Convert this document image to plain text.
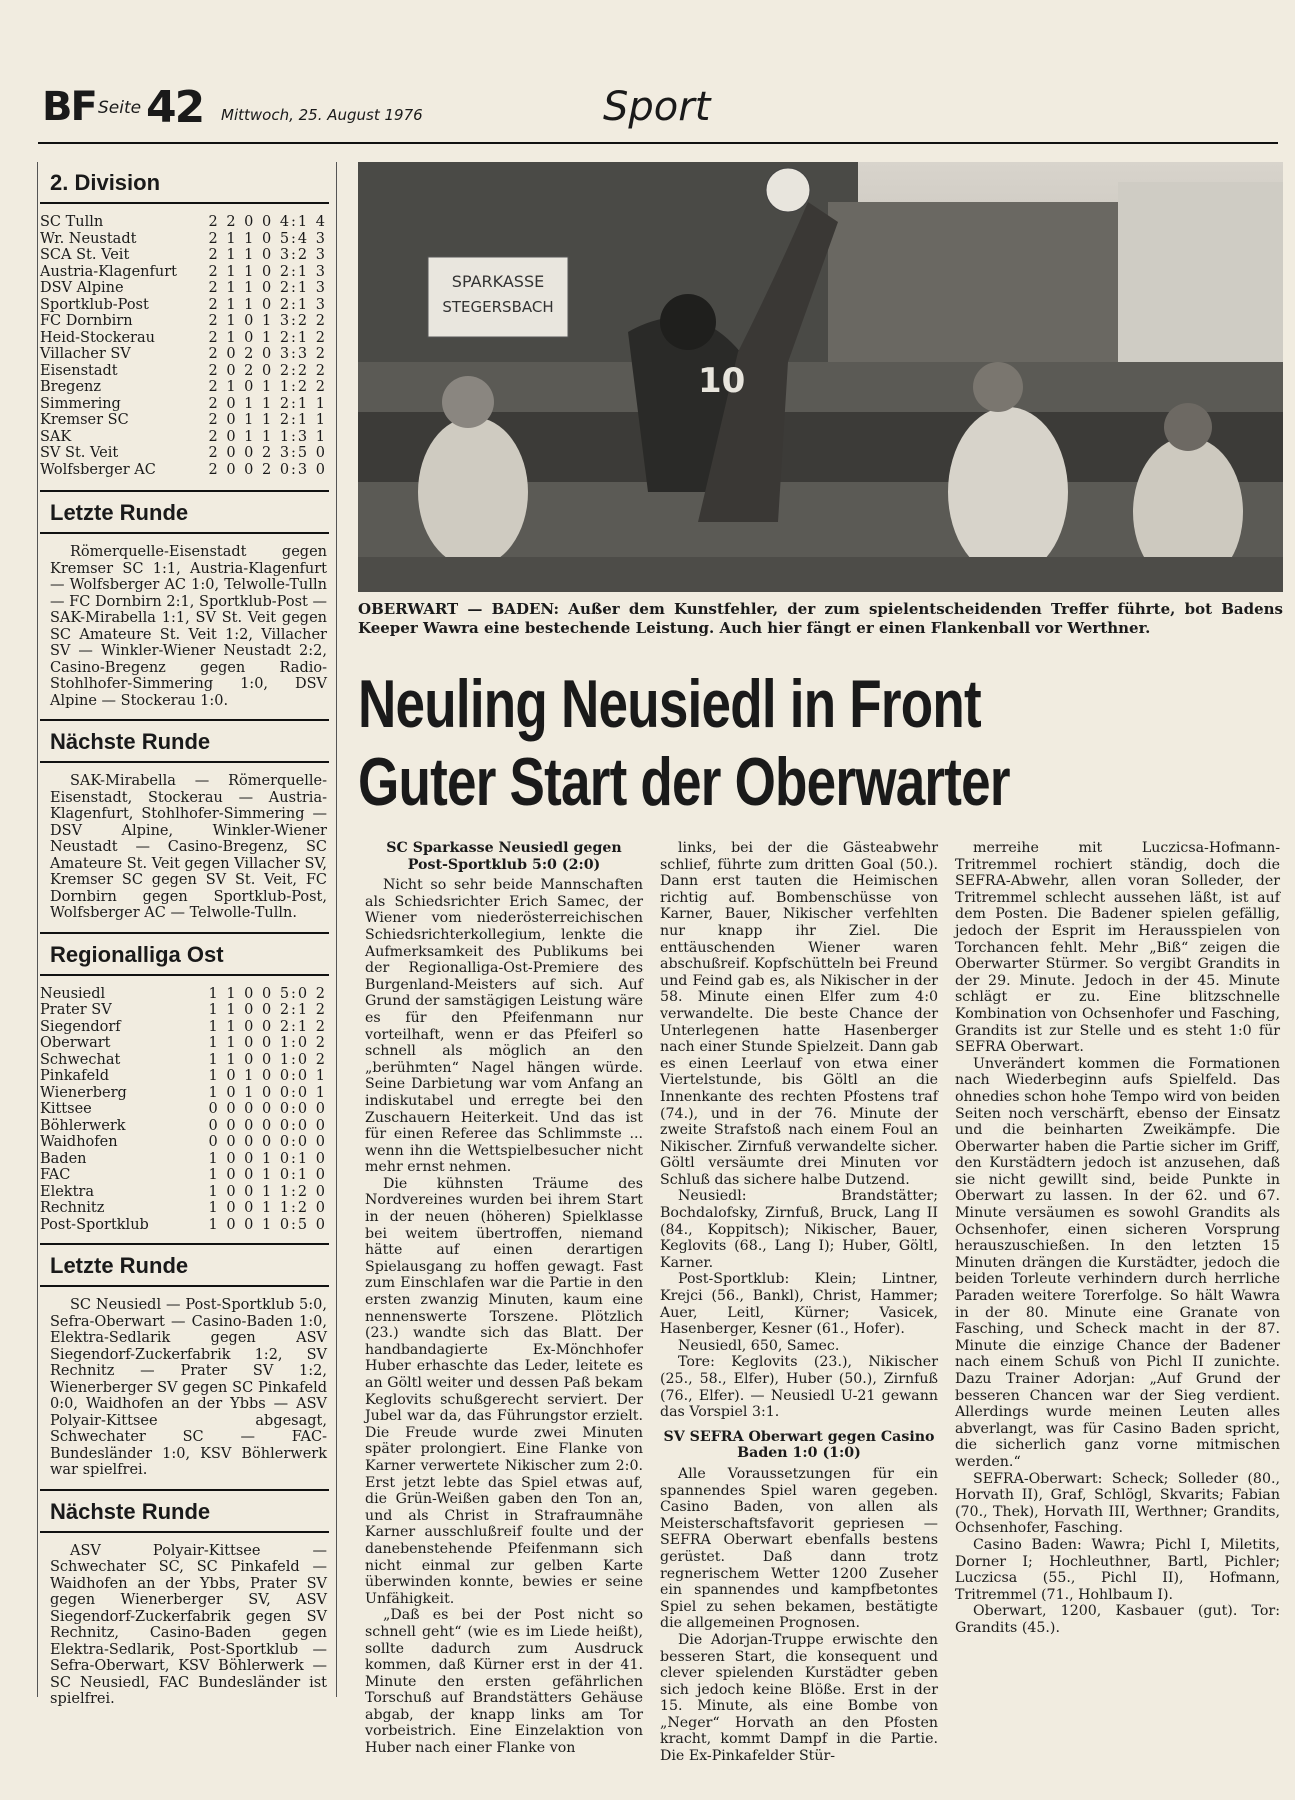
BF Seite 42 Mittwoch, 25. August 1976	Sport
2. Division
SC Tulln	2 2 0 0 4:1 4
Wr. Neustadt	2 1 1 0 5:4 3
SCA St. Veit	2 1 1 0 3:2 3
Austria-Klagenfurt	2 1 1 0 2:1 3
DSV Alpine	2 1 1 0 2:1 3
Sportklub-Post	2 1 1 0 2:1 3
FC Dornbirn	2 1 0 1 3:2 2
Heid-Stockerau	2 1 0 1 2:1 2
Villacher SV	2 0 2 0 3:3 2
Eisenstadt	2 0 2 0 2:2 2
Bregenz	2 1 0 1 1:2 2
Simmering	2 0 1 1 2:1 1
Kremser SC	2 0 1 1 2:1 1
SAK	2 0 1 1 1:3 1
SV St. Veit	2 0 0 2 3:5 0
Wolfsberger AC	2 0 0 2 0:3 0
Letzte Runde
Römerquelle-Eisenstadt gegen Kremser SC 1:1, Austria-Klagenfurt — Wolfsberger AC 1:0, Telwolle-Tulln — FC Dornbirn 2:1, Sportklub-Post — SAK-Mirabella 1:1, SV St. Veit gegen SC Amateure St. Veit 1:2, Villacher SV — Winkler-Wiener Neustadt 2:2, Casino-Bregenz gegen Radio-Stohlhofer-Simmering 1:0, DSV Alpine — Stockerau 1:0.
Nächste Runde
SAK-Mirabella — Römerquelle-Eisenstadt, Stockerau — Austria-Klagenfurt, Stohlhofer-Simmering — DSV Alpine, Winkler-Wiener Neustadt — Casino-Bregenz, SC Amateure St. Veit gegen Villacher SV, Kremser SC gegen SV St. Veit, FC Dornbirn gegen Sportklub-Post, Wolfsberger AC — Telwolle-Tulln.
Regionalliga Ost
Neusiedl	1 1 0 0 5:0 2
Prater SV	1 1 0 0 2:1 2
Siegendorf	1 1 0 0 2:1 2
Oberwart	1 1 0 0 1:0 2
Schwechat	1 1 0 0 1:0 2
Pinkafeld	1 0 1 0 0:0 1
Wienerberg	1 0 1 0 0:0 1
Kittsee	0 0 0 0 0:0 0
Böhlerwerk	0 0 0 0 0:0 0
Waidhofen	0 0 0 0 0:0 0
Baden	1 0 0 1 0:1 0
FAC	1 0 0 1 0:1 0
Elektra	1 0 0 1 1:2 0
Rechnitz	1 0 0 1 1:2 0
Post-Sportklub	1 0 0 1 0:5 0
Letzte Runde
SC Neusiedl — Post-Sportklub 5:0, Sefra-Oberwart — Casino-Baden 1:0, Elektra-Sedlarik gegen ASV Siegendorf-Zuckerfabrik 1:2, SV Rechnitz — Prater SV 1:2, Wienerberger SV gegen SC Pinkafeld 0:0, Waidhofen an der Ybbs — ASV Polyair-Kittsee abgesagt, Schwechater SC — FAC-Bundesländer 1:0, KSV Böhlerwerk war spielfrei.
Nächste Runde
ASV Polyair-Kittsee — Schwechater SC, SC Pinkafeld — Waidhofen an der Ybbs, Prater SV gegen Wienerberger SV, ASV Siegendorf-Zuckerfabrik gegen SV Rechnitz, Casino-Baden gegen Elektra-Sedlarik, Post-Sportklub — Sefra-Oberwart, KSV Böhlerwerk — SC Neusiedl, FAC Bundesländer ist spielfrei.
SPARKASSE
STEGERSBACH
10
OBERWART — BADEN: Außer dem Kunstfehler, der zum spielentscheidenden Treffer führte, bot Badens Keeper Wawra eine bestechende Leistung. Auch hier fängt er einen Flankenball vor Werthner.
Neuling Neusiedl in Front
Guter Start der Oberwarter

SC Sparkasse Neusiedl gegen Post-Sportklub 5:0 (2:0)

Nicht so sehr beide Mannschaften als Schiedsrichter Erich Samec, der Wiener vom niederösterreichischen Schiedsrichterkollegium, lenkte die Aufmerksamkeit des Publikums bei der Regionalliga-Ost-Premiere des Burgenland-Meisters auf sich. Auf Grund der samstägigen Leistung wäre es für den Pfeifenmann nur vorteilhaft, wenn er das Pfeiferl so schnell als möglich an den „berühmten“ Nagel hängen würde. Seine Darbietung war vom Anfang an indiskutabel und erregte bei den Zuschauern Heiterkeit. Und das ist für einen Referee das Schlimmste ... wenn ihn die Wettspielbesucher nicht mehr ernst nehmen.

Die kühnsten Träume des Nordvereines wurden bei ihrem Start in der neuen (höheren) Spielklasse bei weitem übertroffen, niemand hätte auf einen derartigen Spielausgang zu hoffen gewagt. Fast zum Einschlafen war die Partie in den ersten zwanzig Minuten, kaum eine nennenswerte Torszene. Plötzlich (23.) wandte sich das Blatt. Der handbandagierte Ex-Mönchhofer Huber erhaschte das Leder, leitete es an Göltl weiter und dessen Paß bekam Keglovits schußgerecht serviert. Der Jubel war da, das Führungstor erzielt. Die Freude wurde zwei Minuten später prolongiert. Eine Flanke von Karner verwertete Nikischer zum 2:0. Erst jetzt lebte das Spiel etwas auf, die Grün-Weißen gaben den Ton an, und als Christ in Strafraumnähe Karner ausschlußreif foulte und der danebenstehende Pfeifenmann sich nicht einmal zur gelben Karte überwinden konnte, bewies er seine Unfähigkeit.

„Daß es bei der Post nicht so schnell geht“ (wie es im Liede heißt), sollte dadurch zum Ausdruck kommen, daß Kürner erst in der 41. Minute den ersten gefährlichen Torschuß auf Brandstätters Gehäuse abgab, der knapp links am Tor vorbeistrich. Eine Einzelaktion von Huber nach einer Flanke von

links, bei der die Gästeabwehr schlief, führte zum dritten Goal (50.). Dann erst tauten die Heimischen richtig auf. Bombenschüsse von Karner, Bauer, Nikischer verfehlten nur knapp ihr Ziel. Die enttäuschenden Wiener waren abschußreif. Kopfschütteln bei Freund und Feind gab es, als Nikischer in der 58. Minute einen Elfer zum 4:0 verwandelte. Die beste Chance der Unterlegenen hatte Hasenberger nach einer Stunde Spielzeit. Dann gab es einen Leerlauf von etwa einer Viertelstunde, bis Göltl an die Innenkante des rechten Pfostens traf (74.), und in der 76. Minute der zweite Strafstoß nach einem Foul an Nikischer. Zirnfuß verwandelte sicher. Göltl versäumte drei Minuten vor Schluß das sichere halbe Dutzend.

Neusiedl: Brandstätter; Bochdalofsky, Zirnfuß, Bruck, Lang II (84., Koppitsch); Nikischer, Bauer, Keglovits (68., Lang I); Huber, Göltl, Karner.

Post-Sportklub: Klein; Lintner, Krejci (56., Bankl), Christ, Hammer; Auer, Leitl, Kürner; Vasicek, Hasenberger, Kesner (61., Hofer).

Neusiedl, 650, Samec.

Tore: Keglovits (23.), Nikischer (25., 58., Elfer), Huber (50.), Zirnfuß (76., Elfer). — Neusiedl U-21 gewann das Vorspiel 3:1.

SV SEFRA Oberwart gegen Casino Baden 1:0 (1:0)

Alle Voraussetzungen für ein spannendes Spiel waren gegeben. Casino Baden, von allen als Meisterschaftsfavorit gepriesen — SEFRA Oberwart ebenfalls bestens gerüstet. Daß dann trotz regnerischem Wetter 1200 Zuseher ein spannendes und kampfbetontes Spiel zu sehen bekamen, bestätigte die allgemeinen Prognosen.

Die Adorjan-Truppe erwischte den besseren Start, die konsequent und clever spielenden Kurstädter geben sich jedoch keine Blöße. Erst in der 15. Minute, als eine Bombe von „Neger“ Horvath an den Pfosten kracht, kommt Dampf in die Partie. Die Ex-Pinkafelder Stür-

merreihe mit Luczicsa-Hofmann-Tritremmel rochiert ständig, doch die SEFRA-Abwehr, allen voran Solleder, der Tritremmel schlecht aussehen läßt, ist auf dem Posten. Die Badener spielen gefällig, jedoch der Esprit im Herausspielen von Torchancen fehlt. Mehr „Biß“ zeigen die Oberwarter Stürmer. So vergibt Grandits in der 29. Minute. Jedoch in der 45. Minute schlägt er zu. Eine blitzschnelle Kombination von Ochsenhofer und Fasching, Grandits ist zur Stelle und es steht 1:0 für SEFRA Oberwart.

Unverändert kommen die Formationen nach Wiederbeginn aufs Spielfeld. Das ohnedies schon hohe Tempo wird von beiden Seiten noch verschärft, ebenso der Einsatz und die beinharten Zweikämpfe. Die Oberwarter haben die Partie sicher im Griff, den Kurstädtern jedoch ist anzusehen, daß sie nicht gewillt sind, beide Punkte in Oberwart zu lassen. In der 62. und 67. Minute versäumen es sowohl Grandits als Ochsenhofer, einen sicheren Vorsprung herauszuschießen. In den letzten 15 Minuten drängen die Kurstädter, jedoch die beiden Torleute verhindern durch herrliche Paraden weitere Torerfolge. So hält Wawra in der 80. Minute eine Granate von Fasching, und Scheck macht in der 87. Minute die einzige Chance der Badener nach einem Schuß von Pichl II zunichte. Dazu Trainer Adorjan: „Auf Grund der besseren Chancen war der Sieg verdient. Allerdings wurde meinen Leuten alles abverlangt, was für Casino Baden spricht, die sicherlich ganz vorne mitmischen werden.“

SEFRA-Oberwart: Scheck; Solleder (80., Horvath II), Graf, Schlögl, Skvarits; Fabian (70., Thek), Horvath III, Werthner; Grandits, Ochsenhofer, Fasching.

Casino Baden: Wawra; Pichl I, Miletits, Dorner I; Hochleuthner, Bartl, Pichler; Luczicsa (55., Pichl II), Hofmann, Tritremmel (71., Hohlbaum I).

Oberwart, 1200, Kasbauer (gut). Tor: Grandits (45.).
